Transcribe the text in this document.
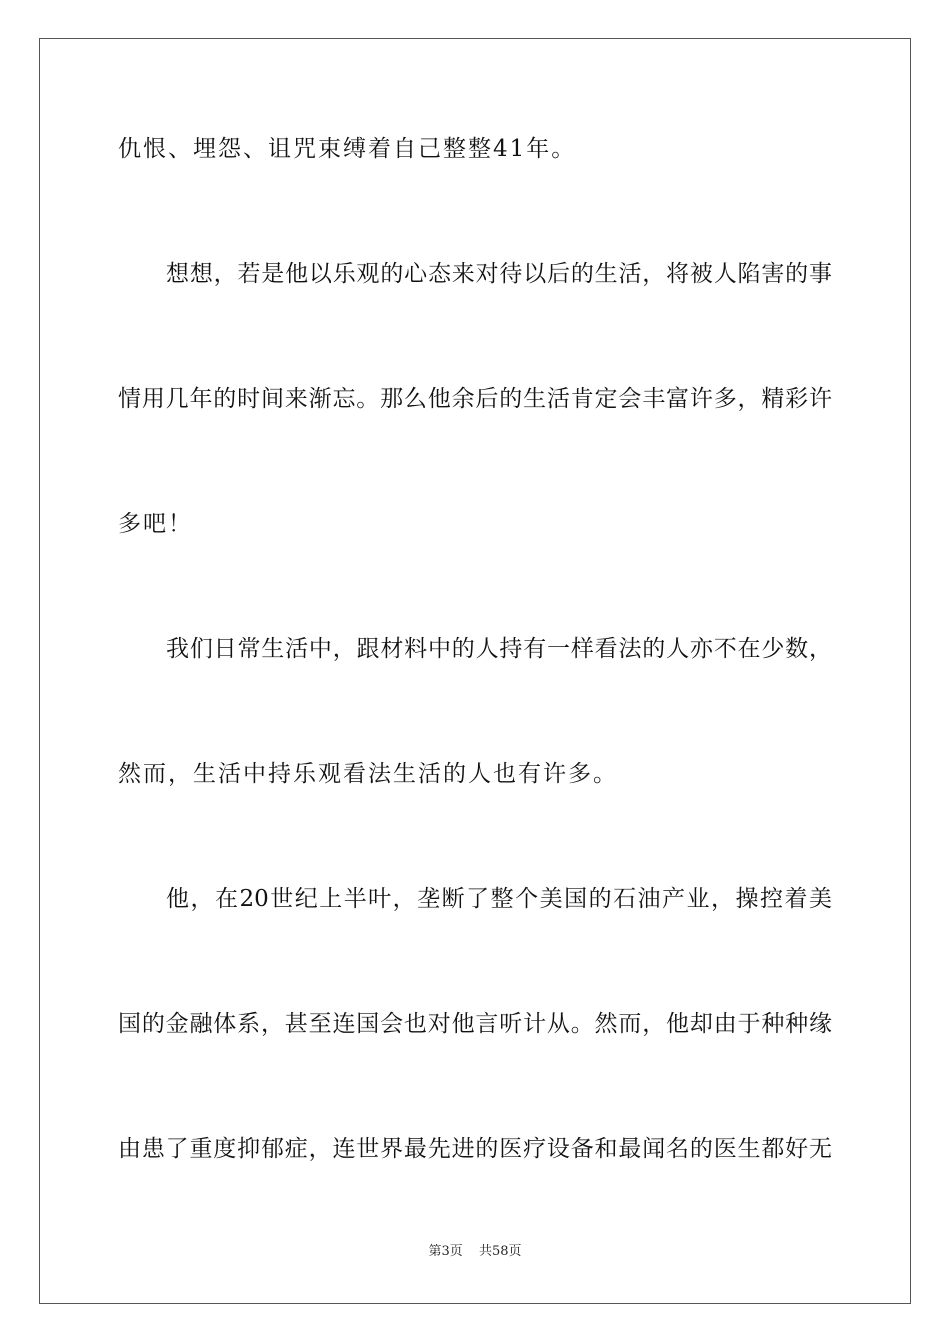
仇恨、埋怨、诅咒束缚着自己整整41年。
想想，若是他以乐观的心态来对待以后的生活，将被人陷害的事
情用几年的时间来渐忘。那么他余后的生活肯定会丰富许多，精彩许
多吧！
我们日常生活中，跟材料中的人持有一样看法的人亦不在少数，
然而，生活中持乐观看法生活的人也有许多。
他，在20世纪上半叶，垄断了整个美国的石油产业，操控着美
国的金融体系，甚至连国会也对他言听计从。然而，他却由于种种缘
由患了重度抑郁症，连世界最先进的医疗设备和最闻名的医生都好无
第3页 共58页
